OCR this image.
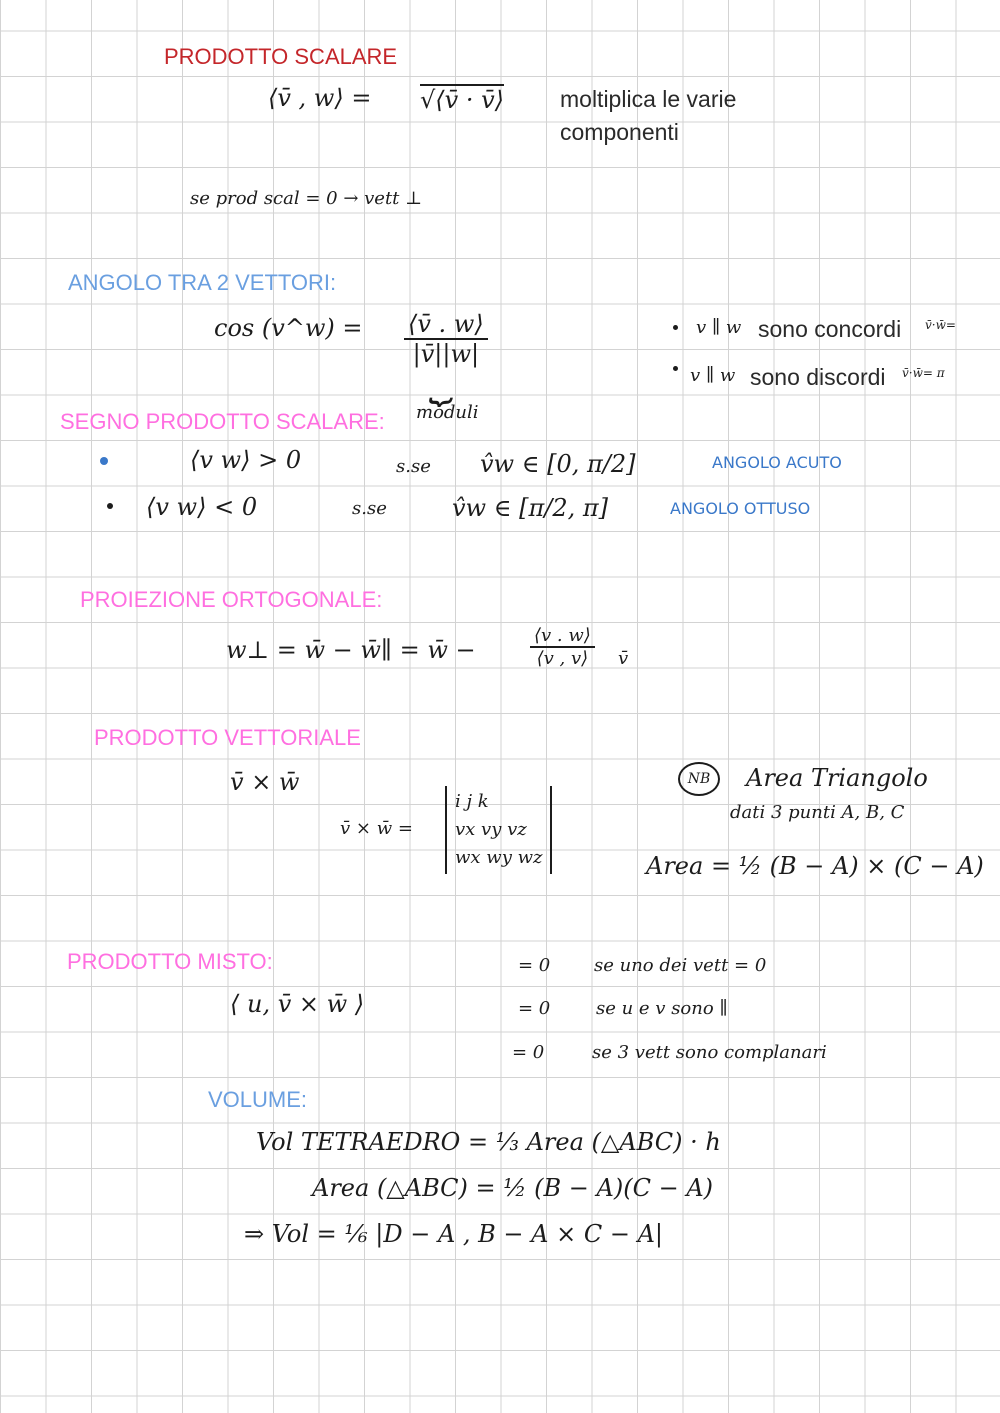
PRODOTTO SCALARE
⟨v̄ , w⟩ = √⟨v̄ · v̄⟩ moltiplica le varie
componenti
se prod scal = 0 → vett ⊥
ANGOLO TRA 2 VETTORI:
cos (v^w) = $\frac{⟨v̄ . w⟩}{|v̄||w|}$
⏟
moduli
v ∥ w sono concordi v̄·w̄=
v ∥ w sono discordi v̄·w̄= π
SEGNO PRODOTTO SCALARE:
⟨v w⟩ > 0	s.se v̂w ∈ [0, π/2]	ANGOLO ACUTO
⟨v w⟩ < 0	s.se	v̂w ∈ [π/2, π]	ANGOLO OTTUSO
PROIEZIONE ORTOGONALE:
w⊥ = w̄ − w̄∥ = w̄ −	$\frac{⟨v . w⟩}{⟨v , v⟩}$ v̄
PRODOTTO VETTORIALE
v̄ × w̄
v̄ × w̄ =
i j k
vx vy vz
wx wy wz
NB	Area Triangolo
dati 3 punti A, B, C
Area = ½ (B − A) × (C − A)
PRODOTTO MISTO:
⟨ u, v̄ × w̄ ⟩
= 0 se uno dei vett = 0
= 0	se u e v sono ∥
= 0	se 3 vett sono complanari
VOLUME:
Vol TETRAEDRO = ⅓ Area (△ABC) · h
Area (△ABC) = ½ (B − A)(C − A)
⇒ Vol = ⅙ |D − A , B − A × C − A|
